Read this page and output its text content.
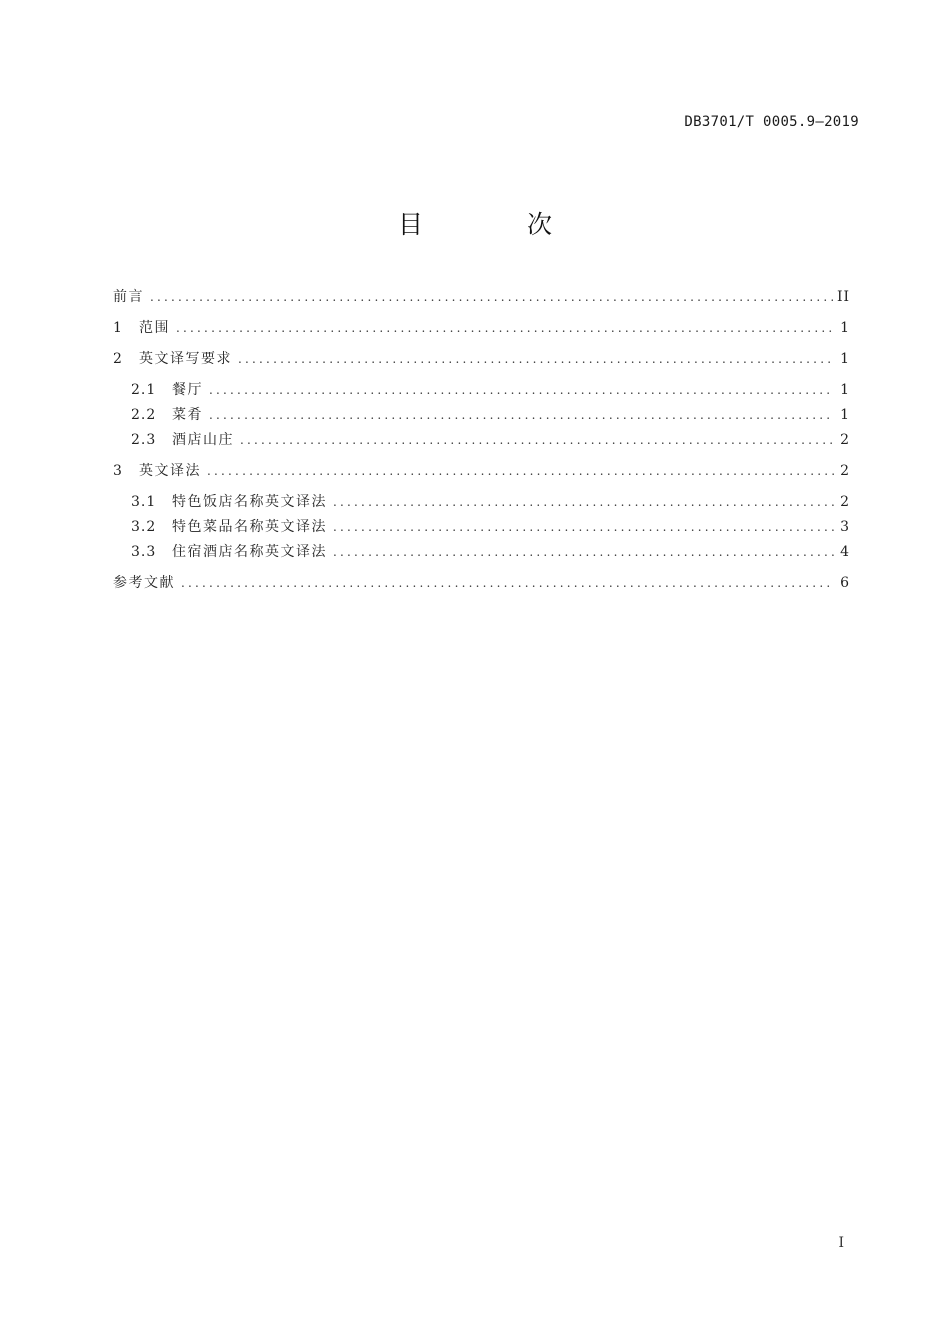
DB3701/T 0005.9—2019
目 次
前言 .....	II
1	范围 .....	1
2	英文译写要求 .....	1
2.1	餐厅 .....	1
2.2	菜肴 .....	1
2.3	酒店山庄 .....	2
3	英文译法 .....	2
3.1	特色饭店名称英文译法 .....	2
3.2	特色菜品名称英文译法 .....	3
3.3	住宿酒店名称英文译法 .....	4
参考文献 .....	6
I
